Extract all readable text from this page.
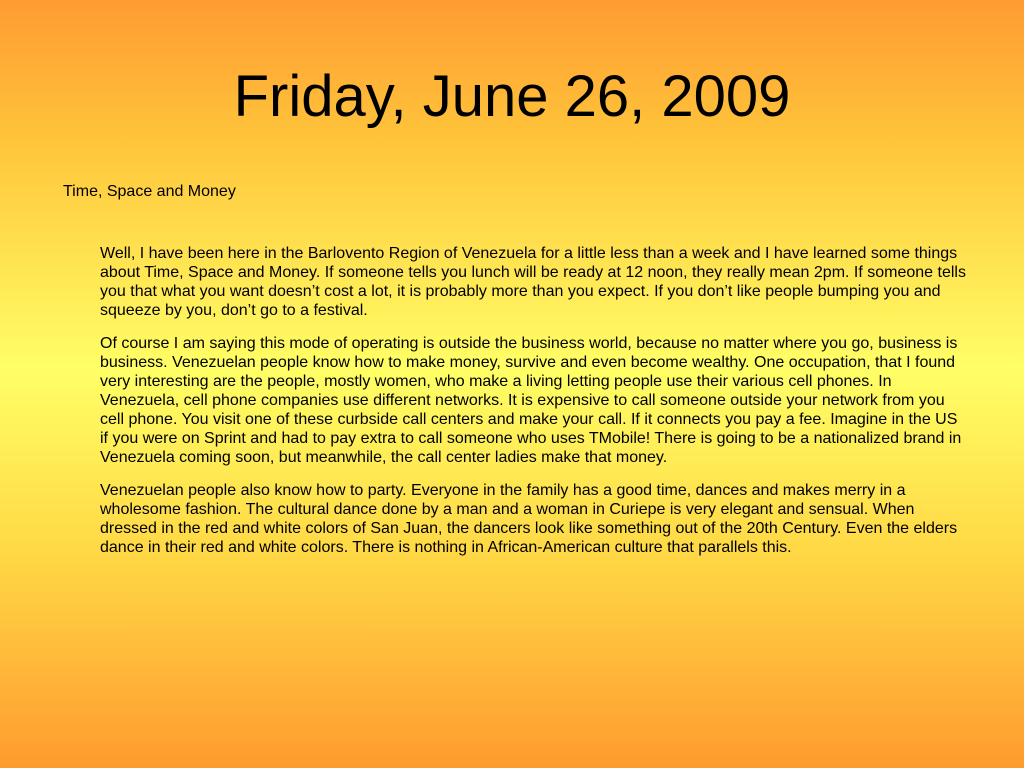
Friday, June 26, 2009

Time, Space and Money

Well, I have been here in the Barlovento Region of Venezuela for a little less than a week and I have learned some things about Time, Space and Money. If someone tells you lunch will be ready at 12 noon, they really mean 2pm. If someone tells you that what you want doesn’t cost a lot, it is probably more than you expect. If you don’t like people bumping you and squeeze by you, don’t go to a festival.

Of course I am saying this mode of operating is outside the business world, because no matter where you go, business is business. Venezuelan people know how to make money, survive and even become wealthy. One occupation, that I found very interesting are the people, mostly women, who make a living letting people use their various cell phones. In Venezuela, cell phone companies use different networks. It is expensive to call someone outside your network from you cell phone. You visit one of these curbside call centers and make your call. If it connects you pay a fee. Imagine in the US if you were on Sprint and had to pay extra to call someone who uses TMobile! There is going to be a nationalized brand in Venezuela coming soon, but meanwhile, the call center ladies make that money.

Venezuelan people also know how to party. Everyone in the family has a good time, dances and makes merry in a wholesome fashion. The cultural dance done by a man and a woman in Curiepe is very elegant and sensual. When dressed in the red and white colors of San Juan, the dancers look like something out of the 20th Century. Even the elders dance in their red and white colors. There is nothing in African-American culture that parallels this.
